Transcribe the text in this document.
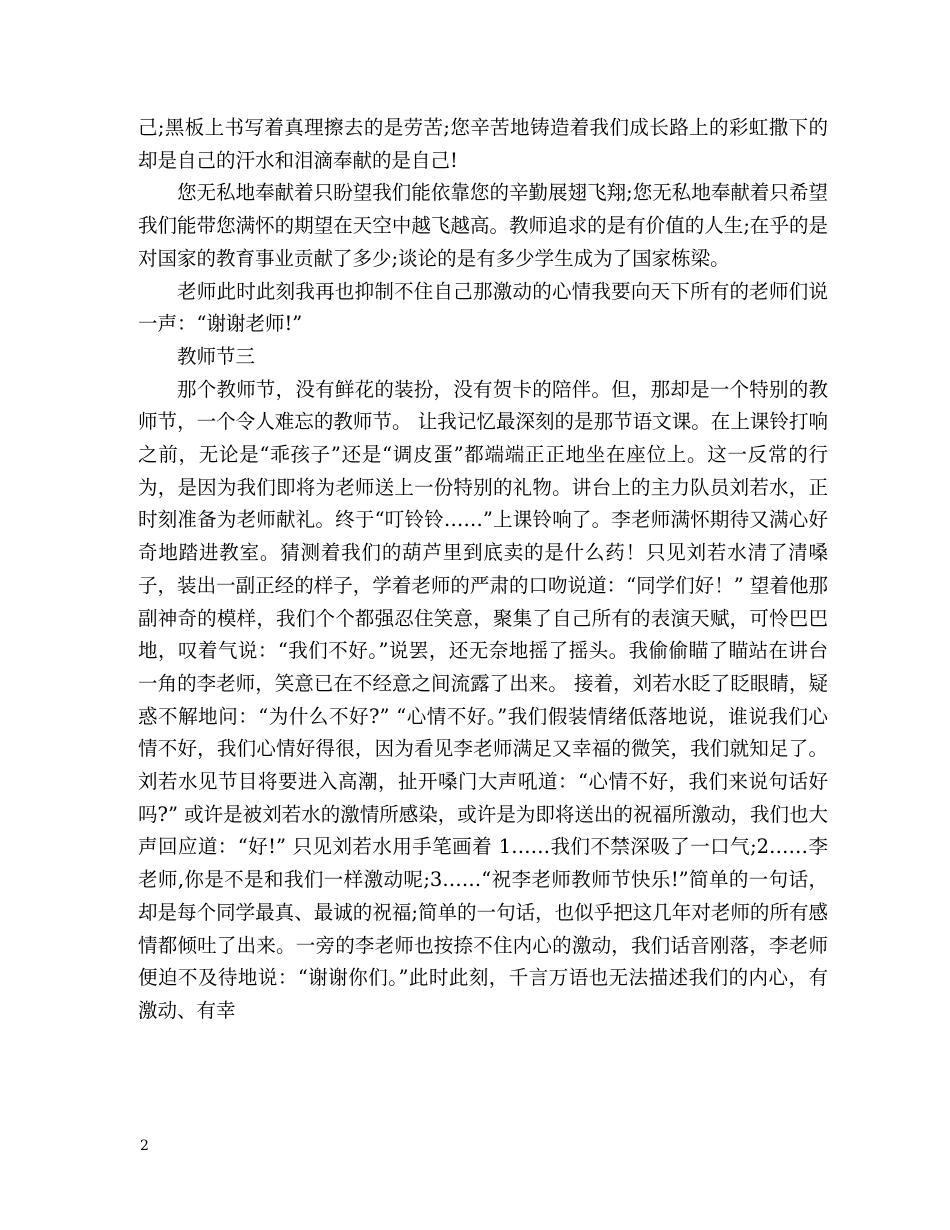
己;黑板上书写着真理擦去的是劳苦;您辛苦地铸造着我们成长路上的彩虹撒下的却是自己的汗水和泪滴奉献的是自己!

您无私地奉献着只盼望我们能依靠您的辛勤展翅飞翔;您无私地奉献着只希望我们能带您满怀的期望在天空中越飞越高。教师追求的是有价值的人生;在乎的是对国家的教育事业贡献了多少;谈论的是有多少学生成为了国家栋梁。

老师此时此刻我再也抑制不住自己那激动的心情我要向天下所有的老师们说一声：“谢谢老师!”

教师节三

那个教师节，没有鲜花的装扮，没有贺卡的陪伴。但，那却是一个特别的教师节，一个令人难忘的教师节。 让我记忆最深刻的是那节语文课。在上课铃打响之前，无论是“乖孩子”还是“调皮蛋”都端端正正地坐在座位上。这一反常的行为，是因为我们即将为老师送上一份特别的礼物。讲台上的主力队员刘若水，正时刻准备为老师献礼。终于“叮铃铃……”上课铃响了。李老师满怀期待又满心好奇地踏进教室。猜测着我们的葫芦里到底卖的是什么药！只见刘若水清了清嗓子，装出一副正经的样子，学着老师的严肃的口吻说道：“同学们好！” 望着他那副神奇的模样，我们个个都强忍住笑意，聚集了自己所有的表演天赋，可怜巴巴地，叹着气说：“我们不好。”说罢，还无奈地摇了摇头。我偷偷瞄了瞄站在讲台一角的李老师，笑意已在不经意之间流露了出来。 接着，刘若水眨了眨眼睛，疑惑不解地问：“为什么不好?” “心情不好。”我们假装情绪低落地说，谁说我们心情不好，我们心情好得很，因为看见李老师满足又幸福的微笑，我们就知足了。 刘若水见节目将要进入高潮，扯开嗓门大声吼道：“心情不好，我们来说句话好吗?” 或许是被刘若水的激情所感染，或许是为即将送出的祝福所激动，我们也大声回应道：“好!” 只见刘若水用手笔画着 1……我们不禁深吸了一口气;2……李老师,你是不是和我们一样激动呢;3……“祝李老师教师节快乐!”简单的一句话，却是每个同学最真、最诚的祝福;简单的一句话，也似乎把这几年对老师的所有感情都倾吐了出来。一旁的李老师也按捺不住内心的激动，我们话音刚落，李老师便迫不及待地说：“谢谢你们。”此时此刻，千言万语也无法描述我们的内心，有激动、有幸

2
